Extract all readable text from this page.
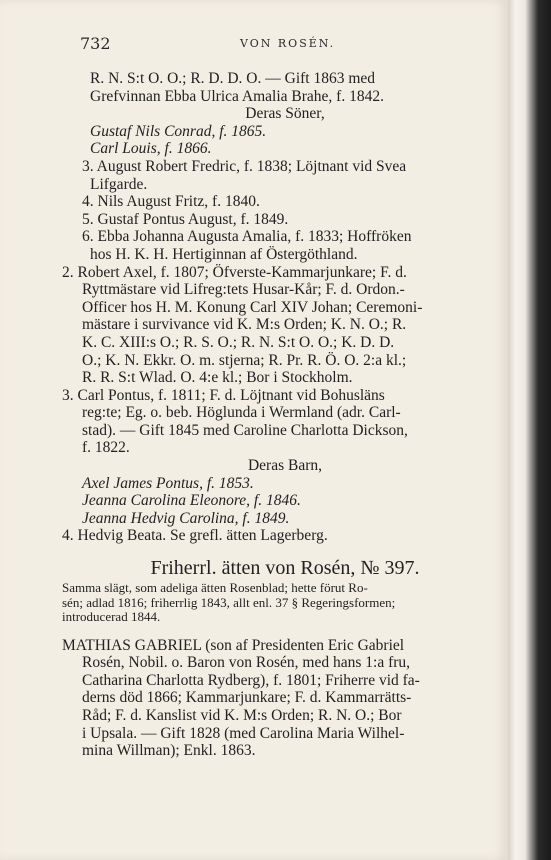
732	VON ROSÉN.
R. N. S:t O. O.; R. D. D. O. — Gift 1863 med
Grefvinnan Ebba Ulrica Amalia Brahe, f. 1842.
Deras Söner,
Gustaf Nils Conrad, f. 1865.
Carl Louis, f. 1866.
3. August Robert Fredric, f. 1838; Löjtnant vid Svea
Lifgarde.
4. Nils August Fritz, f. 1840.
5. Gustaf Pontus August, f. 1849.
6. Ebba Johanna Augusta Amalia, f. 1833; Hoffröken
hos H. K. H. Hertiginnan af Östergöthland.
2. Robert Axel, f. 1807; Öfverste-Kammarjunkare; F. d.
Ryttmästare vid Lifreg:tets Husar-Kår; F. d. Ordon.-
Officer hos H. M. Konung Carl XIV Johan; Ceremoni-
mästare i survivance vid K. M:s Orden; K. N. O.; R.
K. C. XIII:s O.; R. S. O.; R. N. S:t O. O.; K. D. D.
O.; K. N. Ekkr. O. m. stjerna; R. Pr. R. Ö. O. 2:a kl.;
R. R. S:t Wlad. O. 4:e kl.; Bor i Stockholm.
3. Carl Pontus, f. 1811; F. d. Löjtnant vid Bohusläns
reg:te; Eg. o. beb. Höglunda i Wermland (adr. Carl-
stad). — Gift 1845 med Caroline Charlotta Dickson,
f. 1822.
Deras Barn,
Axel James Pontus, f. 1853.
Jeanna Carolina Eleonore, f. 1846.
Jeanna Hedvig Carolina, f. 1849.
4. Hedvig Beata. Se grefl. ätten Lagerberg.
Friherrl. ätten von Rosén, № 397.
Samma slägt, som adeliga ätten Rosenblad; hette förut Ro-
sén; adlad 1816; friherrlig 1843, allt enl. 37 § Regeringsformen;
introducerad 1844.
MATHIAS GABRIEL (son af Presidenten Eric Gabriel
Rosén, Nobil. o. Baron von Rosén, med hans 1:a fru,
Catharina Charlotta Rydberg), f. 1801; Friherre vid fa-
derns död 1866; Kammarjunkare; F. d. Kammarrätts-
Råd; F. d. Kanslist vid K. M:s Orden; R. N. O.; Bor
i Upsala. — Gift 1828 (med Carolina Maria Wilhel-
mina Willman); Enkl. 1863.
